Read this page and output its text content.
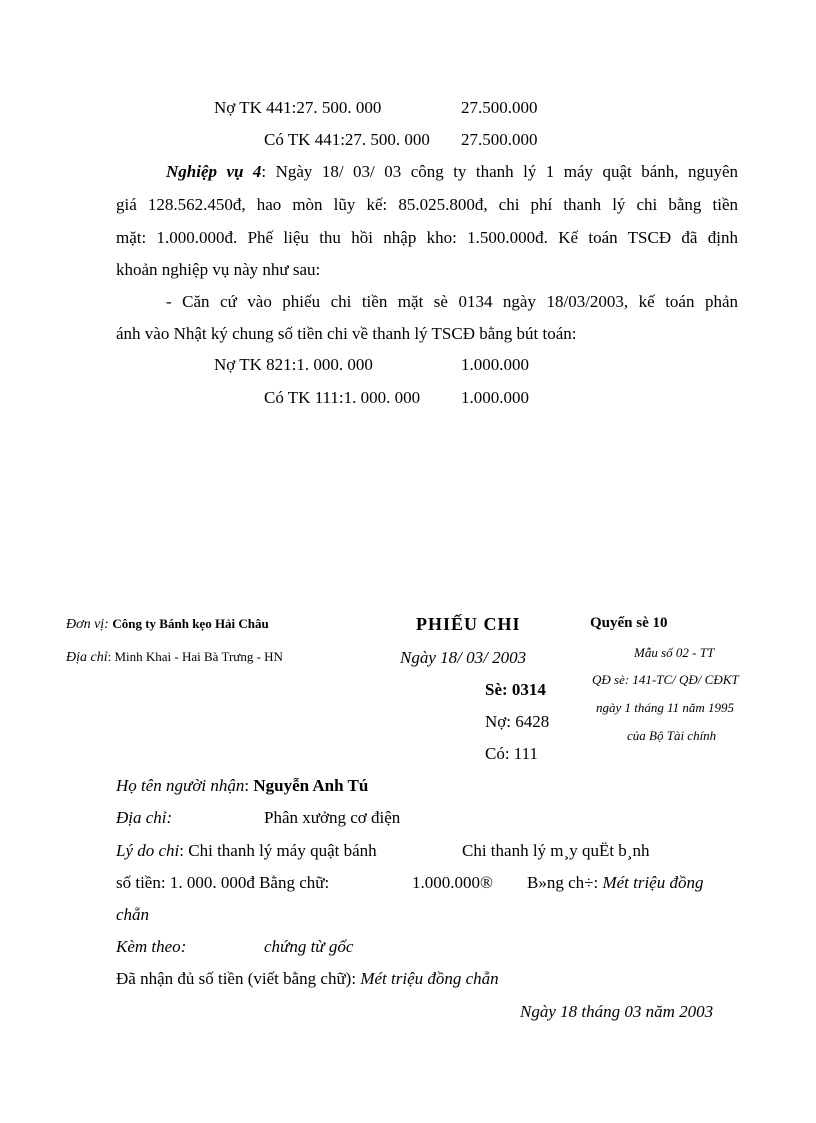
Nợ TK 441:27. 500. 000	27.500.000
Có TK 441:27. 500. 000 27.500.000
Nghiệp vụ 4: Ngày 18/ 03/ 03 công ty thanh lý 1 máy quật bánh, nguyên
giá 128.562.450đ, hao mòn lũy kế: 85.025.800đ, chi phí thanh lý chi bằng tiền
mặt: 1.000.000đ. Phế liệu thu hồi nhập kho: 1.500.000đ. Kế toán TSCĐ đã định
khoản nghiệp vụ này như sau:
- Căn cứ vào phiếu chi tiền mặt sè 0134 ngày 18/03/2003, kế toán phản
ánh vào Nhật ký chung số tiền chi về thanh lý TSCĐ bằng bút toán:
Nợ TK 821:1. 000. 000	1.000.000
Có TK 111:1. 000. 000 1.000.000
Đơn vị: Công ty Bánh kẹo Hải Châu
Địa chỉ: Minh Khai - Hai Bà Trưng - HN
PHIẾU CHI
Ngày 18/ 03/ 2003
Sè: 0314
Nợ: 6428
Có: 111
Quyển sè 10
Mẫu số 02 - TT
QĐ sè: 141-TC/ QĐ/ CĐKT
ngày 1 tháng 11 năm 1995
của Bộ Tài chính
Họ tên người nhận: Nguyễn Anh Tú
Địa chỉ:	Phân xưởng cơ điện
Lý do chi: Chi thanh lý máy quật bánh	Chi thanh lý m¸y quËt b¸nh
số tiền: 1. 000. 000đ Bằng chữ:	1.000.000® B»ng ch÷: Mét triệu đồng
chẵn
Kèm theo:	chứng từ gốc
Đã nhận đủ số tiền (viết bằng chữ): Mét triệu đồng chẵn
Ngày 18 tháng 03 năm 2003
